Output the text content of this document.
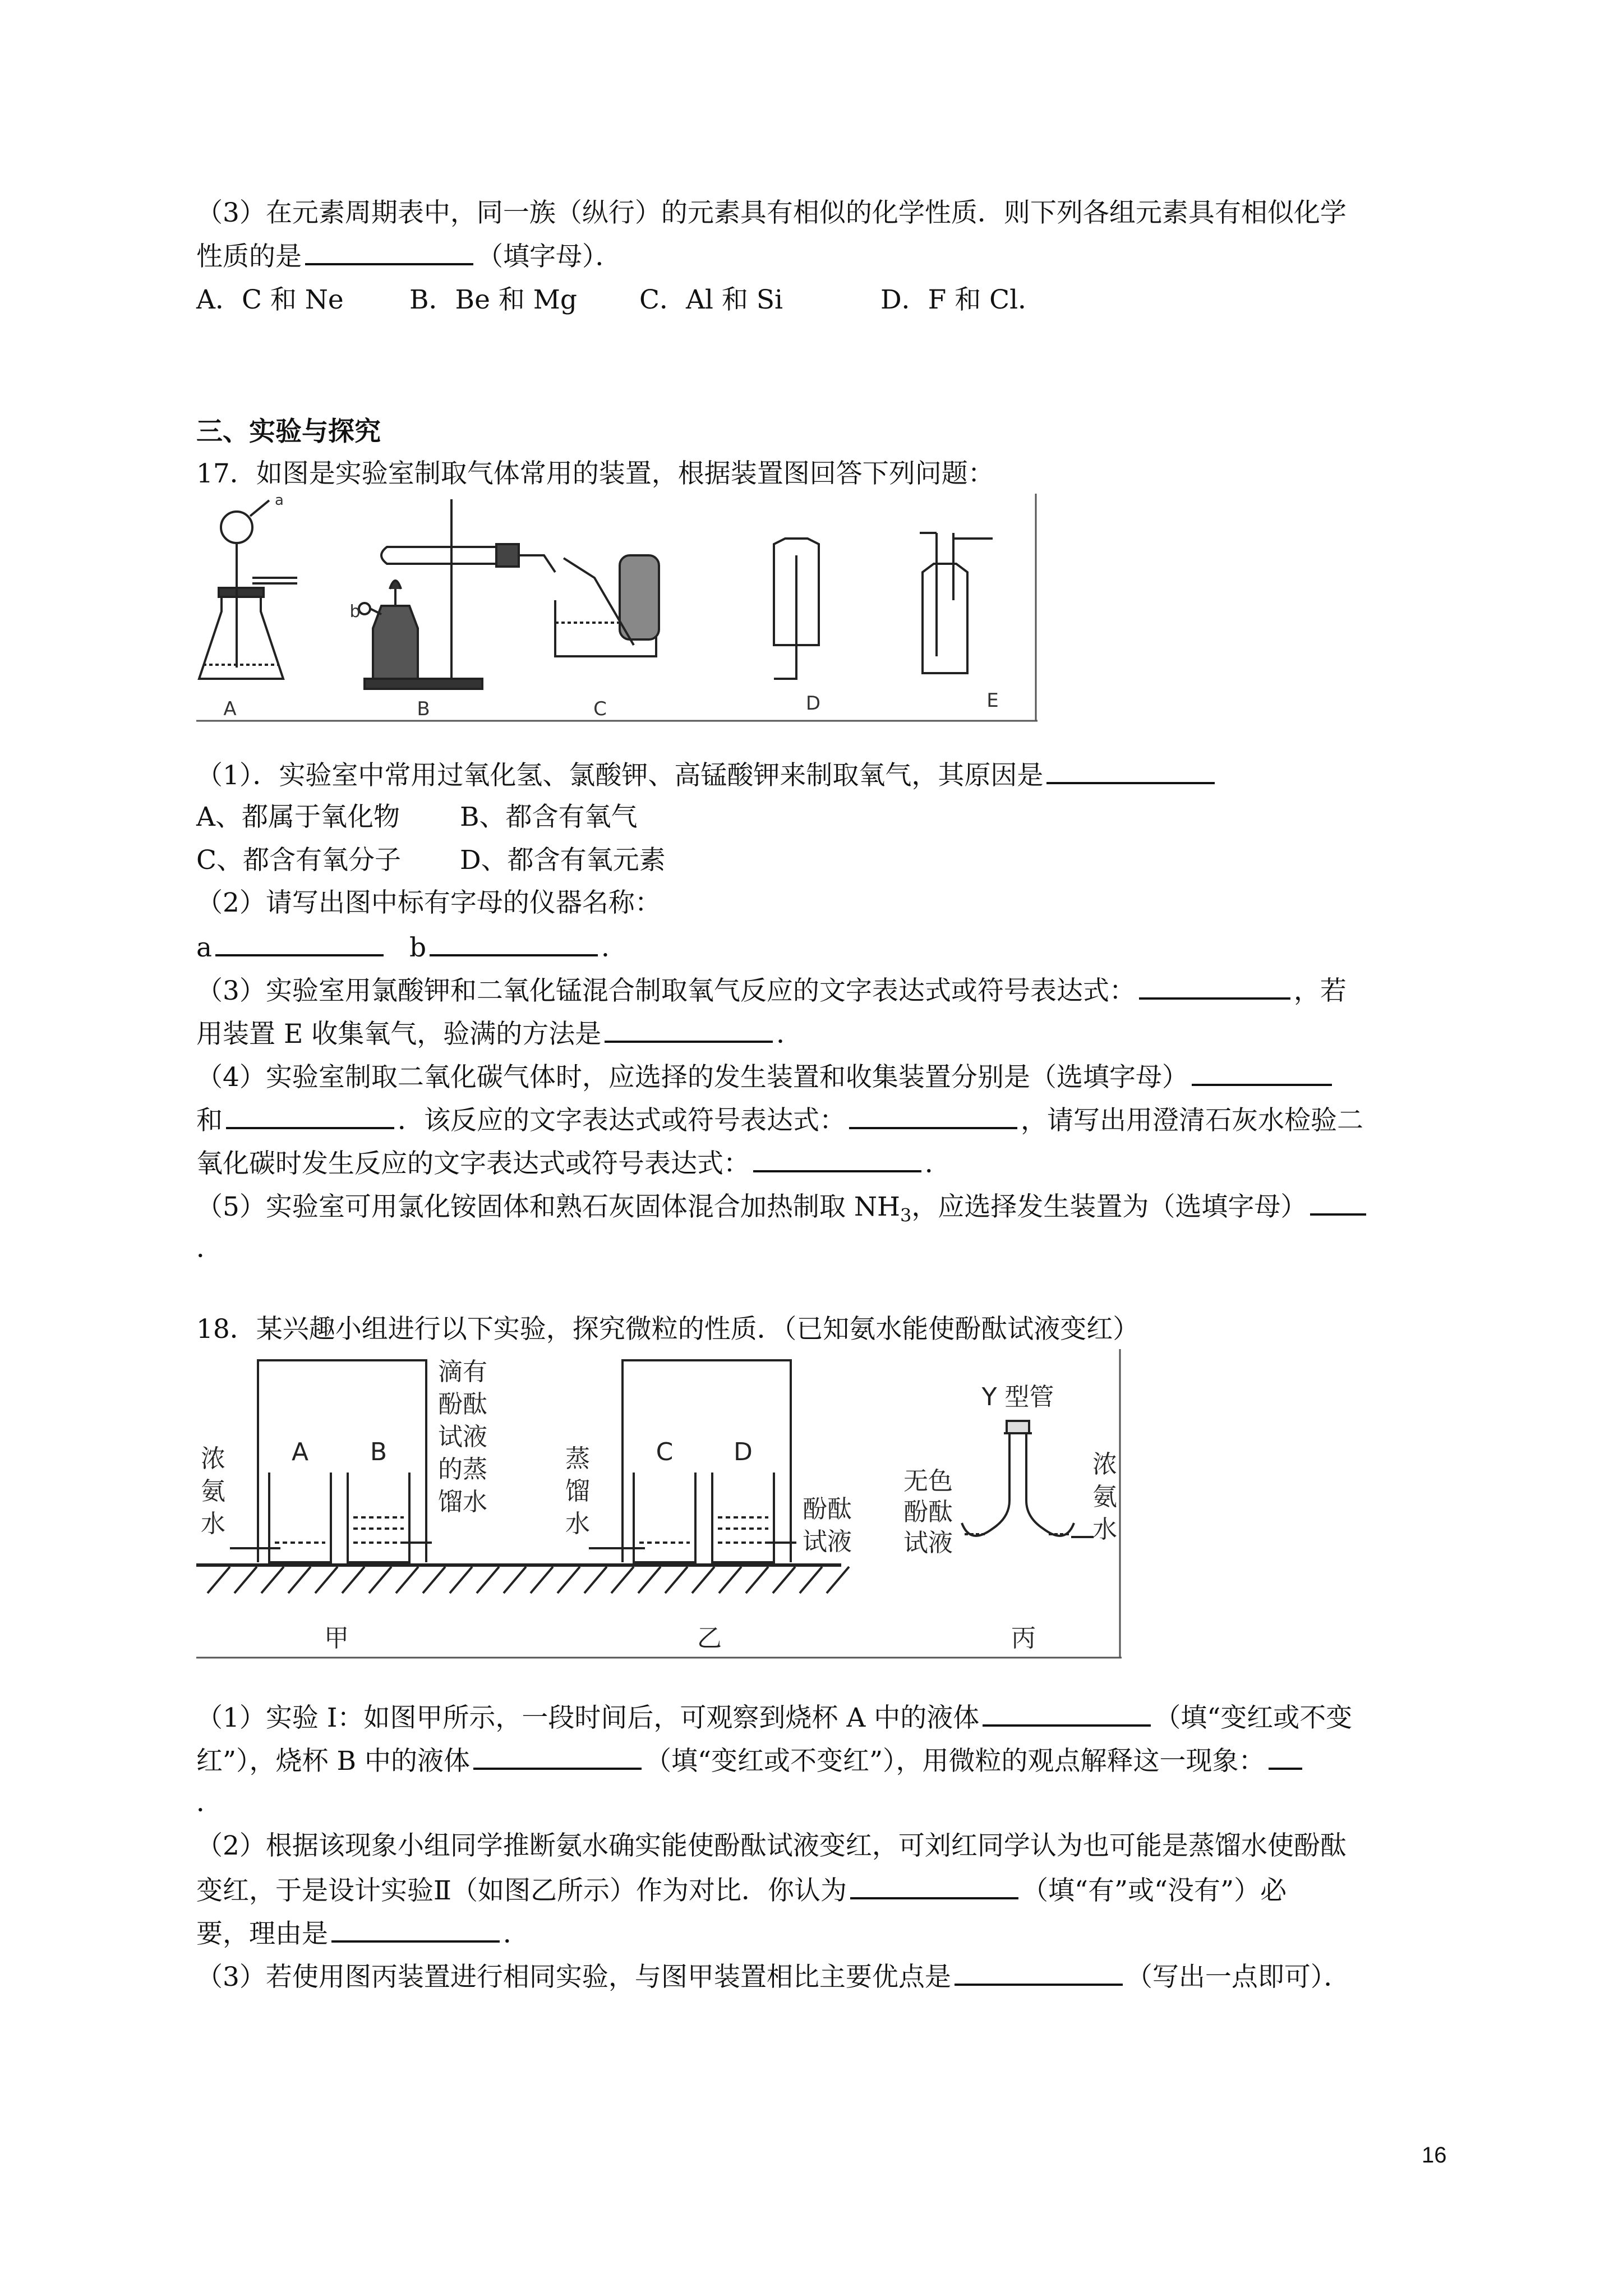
（3）在元素周期表中，同一族（纵行）的元素具有相似的化学性质．则下列各组元素具有相似化学
性质的是	（填字母）．
A．C 和 Ne B．Be 和 Mg C．Al 和 Si	D．F 和 Cl．
三、实验与探究
17．如图是实验室制取气体常用的装置，根据装置图回答下列问题：
A	B	C	D	E
a
b
（1）．实验室中常用过氧化氢、氯酸钾、高锰酸钾来制取氧气，其原因是
A、都属于氧化物 B、都含有氧气
C、都含有氧分子 D、都含有氧元素
（2）请写出图中标有字母的仪器名称：
a	b	．
（3）实验室用氯酸钾和二氧化锰混合制取氧气反应的文字表达式或符号表达式：	，若
用装置 E 收集氧气，验满的方法是	．
（4）实验室制取二氧化碳气体时，应选择的发生装置和收集装置分别是（选填字母）
和	．该反应的文字表达式或符号表达式：	，请写出用澄清石灰水检验二
氧化碳时发生反应的文字表达式或符号表达式：	．
（5）实验室可用氯化铵固体和熟石灰固体混合加热制取 $NH_3$，应选择发生装置为（选填字母）
．
18．某兴趣小组进行以下实验，探究微粒的性质．（已知氨水能使酚酞试液变红）
A B	C D
浓
氨
水
滴有
酚酞
试液
的蒸
馏水
蒸
馏
水
酚酞
试液
Y 型管
无色
酚酞
试液
浓
氨
水
甲	乙	丙
（1）实验 I：如图甲所示，一段时间后，可观察到烧杯 A 中的液体	（填“变红或不变
红”），烧杯 B 中的液体	（填“变红或不变红”），用微粒的观点解释这一现象：
．
（2）根据该现象小组同学推断氨水确实能使酚酞试液变红，可刘红同学认为也可能是蒸馏水使酚酞
变红，于是设计实验Ⅱ（如图乙所示）作为对比．你认为	（填“有”或“没有”）必
要，理由是	．
（3）若使用图丙装置进行相同实验，与图甲装置相比主要优点是	（写出一点即可）．
16
